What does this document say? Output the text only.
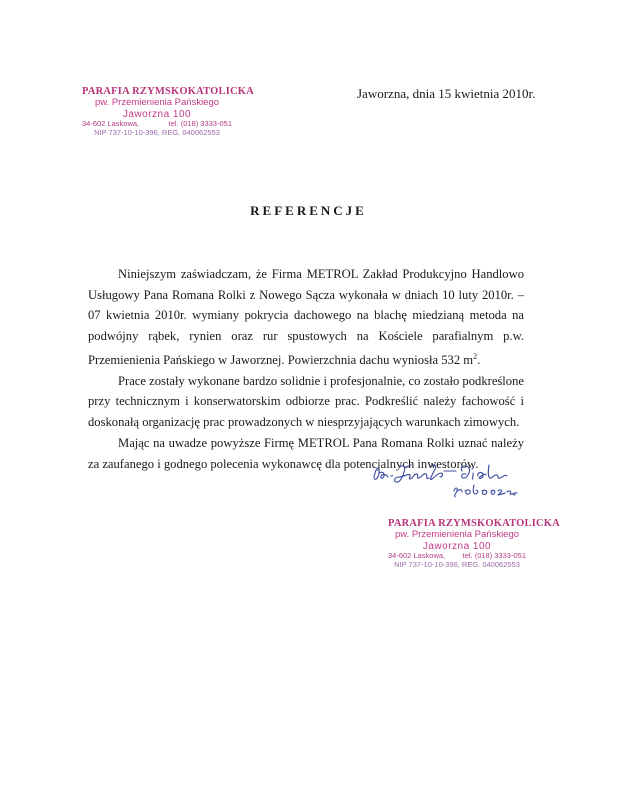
PARAFIA RZYMSKOKATOLICKA
pw. Przemienienia Pańskiego
Jaworzna 100
34-602 Laskowa,	tel. (018) 3333-051
NIP 737-10-10-396, REG. 040062553
Jaworzna, dnia 15 kwietnia 2010r.
REFERENCJE

Niniejszym zaświadczam, że Firma METROL Zakład Produkcyjno Handlowo Usługowy Pana Romana Rolki z Nowego Sącza wykonała w dniach 10 luty 2010r. – 07 kwietnia 2010r. wymiany pokrycia dachowego na blachę miedzianą metoda na podwójny rąbek, rynien oraz rur spustowych na Kościele parafialnym p.w. Przemienienia Pańskiego w Jaworznej. Powierzchnia dachu wyniosła 532 $m^2$.

Prace zostały wykonane bardzo solidnie i profesjonalnie, co zostało podkreślone przy technicznym i konserwatorskim odbiorze prac. Podkreślić należy fachowość i doskonałą organizację prac prowadzonych w niesprzyjających warunkach zimowych.

Mając na uwadze powyższe Firmę METROL Pana Romana Rolki uznać należy za zaufanego i godnego polecenia wykonawcę dla potencjalnych inwestorów.

PARAFIA RZYMSKOKATOLICKA
pw. Przemienienia Pańskiego
Jaworzna 100
34-602 Laskowa, tel. (018) 3333-051
NIP 737-10-10-396, REG. 040062553
